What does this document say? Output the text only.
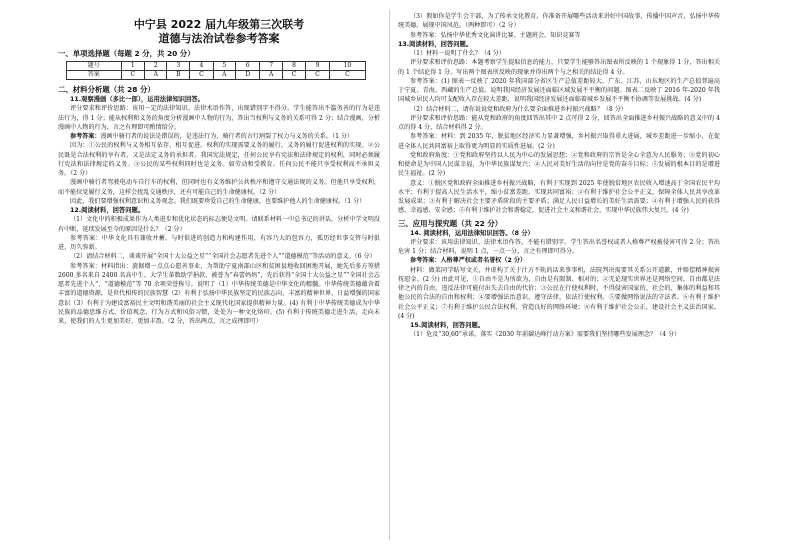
中宁县 2022 届九年级第三次联考
道德与法治试卷参考答案
一、单项选择题（每题 2 分，共 20 分）
题号	1	2	3	4	5	6	7	8	9	10
答案	C	A	B	C	A	D	A	C	C	C
二、材料分析题（共 28 分）

11.观察漫画（多比一郎），运用法律知识回答。

评分要求和评价思路：该用一定的法律知识、法律术语作答，出现错别字不得分。学生能答出不滥务善的行为是违法行为，得 1 分；能从权利和义务的角度分析漫画中人物的行为，答出当权利与义务的关系可得 2 分；结合漫画，分析漫画中人物的行为，言之有理即可酌情给分。

参考答案：漫画中骑行者的说法是错误的，是违法行为，骑行者的言行割裂了权力与义务的关系。（1 分）

因为：①公民的权利与义务相互依存、相互促进。权利的实现需要义务的履行，义务的履行促进权利的实现。②公民既是合法权利的享有者，又是法定义务的承担者。我国宪法规定，任何公民享有宪法和法律规定的权利，同时必须履行宪法和法律规定的义务。③公民的某些权利同时也是义务。如劳动和受教育。任何公民不能只享受权利而不承担义务。（2 分）

漫画中骑行者驾驶电动车自行车的权利，但同时也有义务维护公共秩序和遵守交通法规的义务。但他只享受权利，而不能位觉履行义务，这样会扰乱交通秩序，还有可能自己的生命健康权。（2 分）

因此，我们要增强权利意识和义务观念。我们既要珍爱自己的生命健康，也要维护他人的生命健康权。（1 分）

12.阅读材料，回答问题。

（1）文化中的积极成果作为人类进步和优化状态的标志便是文明。请联系材料一中总书记的讲话，分析中学文明没有中断，延续发展至今的原因是什么？（2 分）

参考答案：中华文化具有兼收并蓄、与时俱进的创造力和构建作用，有容乃大的包容力，孤历经世事交替与时俱进，历久弥新。

（2）请结合材料二，谈谈开展“全国十大公益之星”“全国社会志愿者先进个人”“道德模范”等活动的意义。（6 分）

参考答案：材料指出：旋据增一点点心愿善事业，为帮助宁夏南部山区和贫困县地收回困地开展，她先后多方筹措 2600 多名来自 2400 名高中生、大学生革数助学捐款，被誉为“春蕾妈妈”，先后获得“全国十大公益之星”“全国社会志愿者先进个人”，“道德模范”等 70 余项荣誉称号。说明了（1）中华传统美德是中华文化的精髓。中华传统美德蕴含着丰富的道德资源，是世代相传的民族智慧（2）有利于弘扬中华民族坚定的民族志向，丰富的精神世界，日益增强的国家意识（3）有利于为建设富裕民主文明和谐美丽的社会主义现代化国家提供精神力量。(4) 有利于中华传统美德成为中华民族的品德思维方式、价值观念、行为方式和风俗习惯，处处为一种文化烙印。(5) 有利于传统美德走进生活，走向未来，使我们的人生更加美好，更加丰盈。（2 分，答出两点，言之成理即可）

（3）假如你是学生会干部，为了传承文化教育，你准备开展哪些活动来讲好中国故事，传播中国声音，弘扬中华传统美德。展现中国风范。（两种即可）（2 分）

参考答案：弘扬中华优秀文化演讲比赛、主题班会、知识竞赛等

13.阅读材料，回答问题。

（1）材料一说明了什么？（4 分）

评分要求和评价思路：本题考察学生提取信息的能力，只要学生能够答出图表所反映的 1 个现象得 1 分，答出相关的 1 个结论得 1 分。写出两个图表所反映的现象并得出两个与之相关的结论得 4 分。

参考答案：(1) 图表一反映了 2020 年我国部分省区生产总值差距较大，广东、江苏、山东地区的生产总值普遍高于宁夏、青海、西藏的生产总值。说明我国经济发展还面临区域发展不平衡的问题。图表二反映了 2016 年-2020 年我国城乡居民人均可支配收入存在较大差距，说明我国经济发展还面临着城乡发展不平衡不协调等发展挑战。(4 分)

（2）结合材料二，请你说说党和政府为什么要全面推进乡村振兴战略？（8 分）

评分要求和评价思路：能从党和政府的角度回答出其中 2 点可得 2 分，回答出全面推进乡村振兴战略的意义中的 4 点的得 4 分，结合材料得 2 分。

参考答案：材料：到 2035 年，脱贫地区经济实力显著增强，乡村振兴取得重大进展，城乡差距进一步缩小，在促进全体人民共同富裕上取得更为明显的实质性进展。(2 分)

党和政府角度：①党和政府坚持以人民为中心的发展思想；②党和政府的宗旨是全心全意为人民服务；③党的初心和使命是为中国人民谋幸福，为中华民族谋复兴；④人民对美好生活的向往是党的奋斗目标；⑤发展的根本目的是增进民生福祉。(2 分)

意义：①脱区党和政府全面推进乡村振兴战略，有利于实现到 2025 年使脱贫地区农民收入增速高于全国农民平均水平；有利于提高人民生活水平，缩小贫富差距，实现共同富裕；②有利于维护社会公平正义，保障全体人民共享改革发展成果；③有利于解决社会主要矛盾阶段的主要矛盾；满足人民日益增长的美好生活需要；④有利于增强人民的获得感、幸福感、安全感；⑤有利于维护社会和谐稳定，促进社会主义和谐社会，实现中华民族伟大复兴。(4 分)

三、应用与探究题（共 22 分）

14. 阅读材料，运用法律知识回答。（8 分）

评分要求：该用法律知识、法律术语作答，不能有错别字。学生答出名誉权或者人格尊严权被侵害可得 2 分；答出危害 1 分；结合材料，说明 1 点，一点一分，言之有理即可得分。

参考答案：人格尊严权或者名誉权（2 分）

材料：做菜同学贴写文关，并虚构了关于汁方不轨的话来事事机，法院判决需要其关系公开道歉，并赔偿精神损害抚慰金。(2 分) 由此可见，①自由不是为所欲为，自由是有限制、相对的；②无论现实世界还是网络空间，自由都是法律之内的自由，违反法律可能付出失去自由的代价；③公民在行使权利时，不得侵害国家的、社会的、集体的利益和其他公民的合法的自由和权利；④要增强法治意识，遵守法律，依法行使权利。⑤要做网络说法的守法者。⑥有利于维护社会公平正义；⑦有利于维护公民合法权利，营造良好的网络环境；⑧有利于维护社会公正，建设社会主义法治国家。(4 分)

15.阅读材料，回答问题。

（1）危及“30,60”承诺，落实《2030 年前碳达峰行动方案》需要我们坚持哪些发展理念？（4 分）
